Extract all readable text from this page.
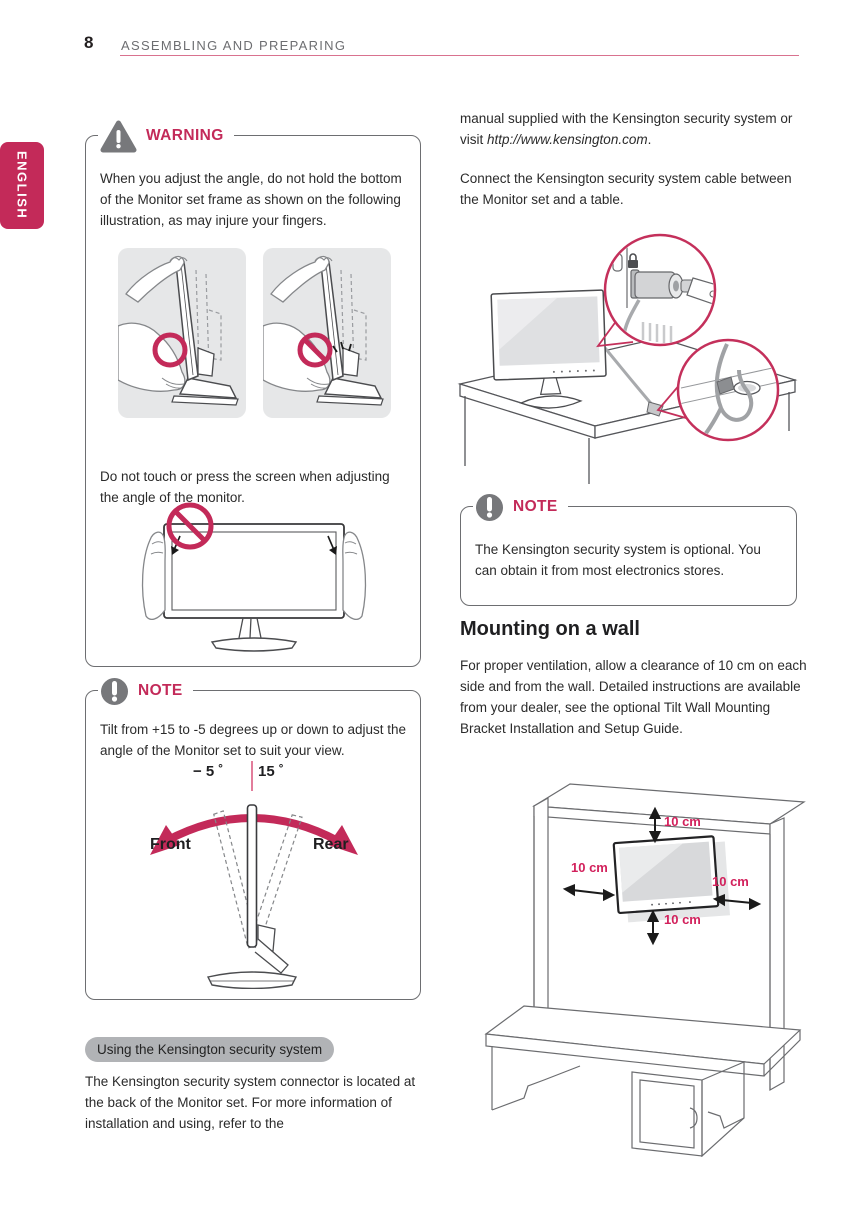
8 ASSEMBLING AND PREPARING
ENGLISH
WARNING
When you adjust the angle, do not hold the bottom of the Monitor set frame as shown on the following illustration, as may injure your fingers.
Do not touch or press the screen when adjusting the angle of the monitor.
NOTE
Tilt from +15 to -5 degrees up or down to adjust the angle of the Monitor set to suit your view.
− 5 ˚ 15 ˚
Front	Rear
Using the Kensington security system
The Kensington security system connector is located at the back of the Monitor set. For more information of installation and using, refer to the
manual supplied with the Kensington security system or visit http://www.kensington.com.
Connect the Kensington security system cable between the Monitor set and a table.
NOTE
The Kensington security system is optional. You can obtain it from most electronics stores.
Mounting on a wall
For proper ventilation, allow a clearance of 10 cm on each side and from the wall. Detailed instructions are available from your dealer, see the optional Tilt Wall Mounting Bracket Installation and Setup Guide.
10 cm
10 cm
10 cm
10 cm
